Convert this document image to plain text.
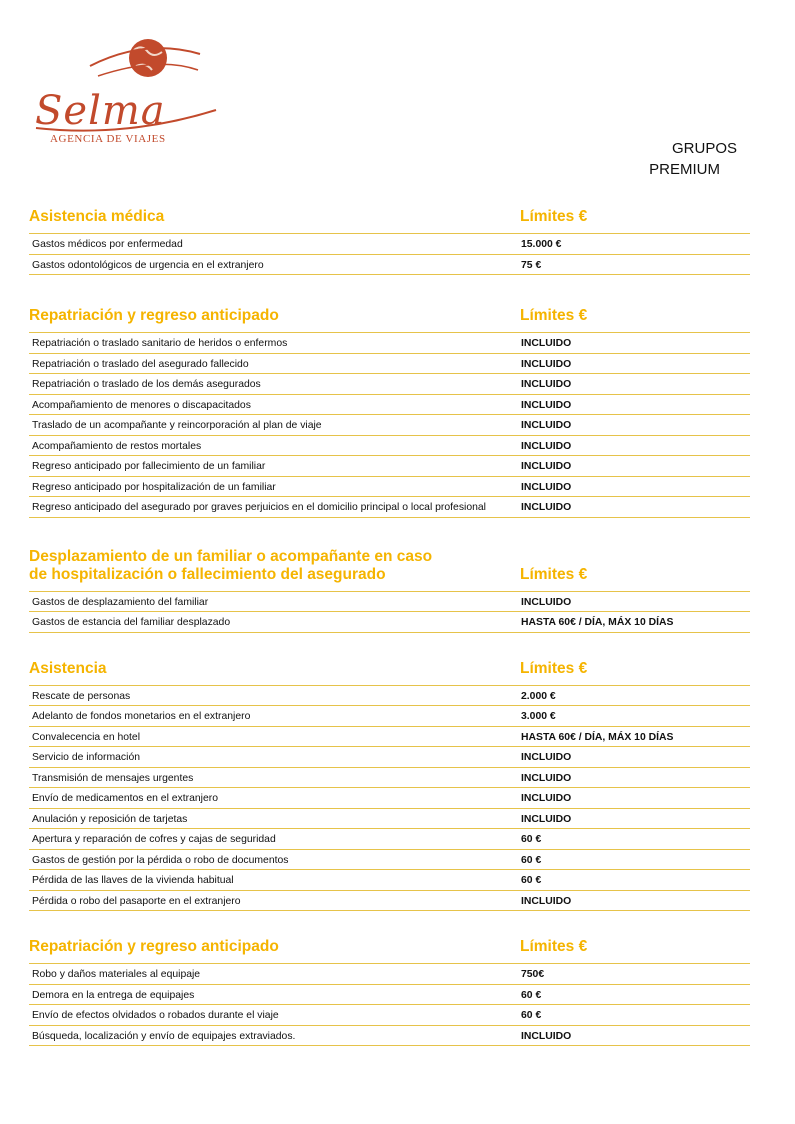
Selma
AGENCIA DE VIAJES
GRUPOS

PREMIUM
Asistencia médica	Límites €
Gastos médicos por enfermedad	15.000 €
Gastos odontológicos de urgencia en el extranjero	75 €
Repatriación y regreso anticipado	Límites €
Repatriación o traslado sanitario de heridos o enfermos	INCLUIDO
Repatriación o traslado del asegurado fallecido	INCLUIDO
Repatriación o traslado de los demás asegurados	INCLUIDO
Acompañamiento de menores o discapacitados	INCLUIDO
Traslado de un acompañante y reincorporación al plan de viaje	INCLUIDO
Acompañamiento de restos mortales	INCLUIDO
Regreso anticipado por fallecimiento de un familiar	INCLUIDO
Regreso anticipado por hospitalización de un familiar	INCLUIDO
Regreso anticipado del asegurado por graves perjuicios en el domicilio principal o local profesional	INCLUIDO
Desplazamiento de un familiar o acompañante en caso de hospitalización o fallecimiento del asegurado	Límites €
Gastos de desplazamiento del familiar	INCLUIDO
Gastos de estancia del familiar desplazado	HASTA 60€ / DÍA, MÁX 10 DÍAS
Asistencia	Límites €
Rescate de personas	2.000 €
Adelanto de fondos monetarios en el extranjero	3.000 €
Convalecencia en hotel	HASTA 60€ / DÍA, MÁX 10 DÍAS
Servicio de información	INCLUIDO
Transmisión de mensajes urgentes	INCLUIDO
Envío de medicamentos en el extranjero	INCLUIDO
Anulación y reposición de tarjetas	INCLUIDO
Apertura y reparación de cofres y cajas de seguridad	60 €
Gastos de gestión por la pérdida o robo de documentos	60 €
Pérdida de las llaves de la vivienda habitual	60 €
Pérdida o robo del pasaporte en el extranjero	INCLUIDO
Repatriación y regreso anticipado	Límites €
Robo y daños materiales al equipaje	750€
Demora en la entrega de equipajes	60 €
Envío de efectos olvidados o robados durante el viaje	60 €
Búsqueda, localización y envío de equipajes extraviados.	INCLUIDO
